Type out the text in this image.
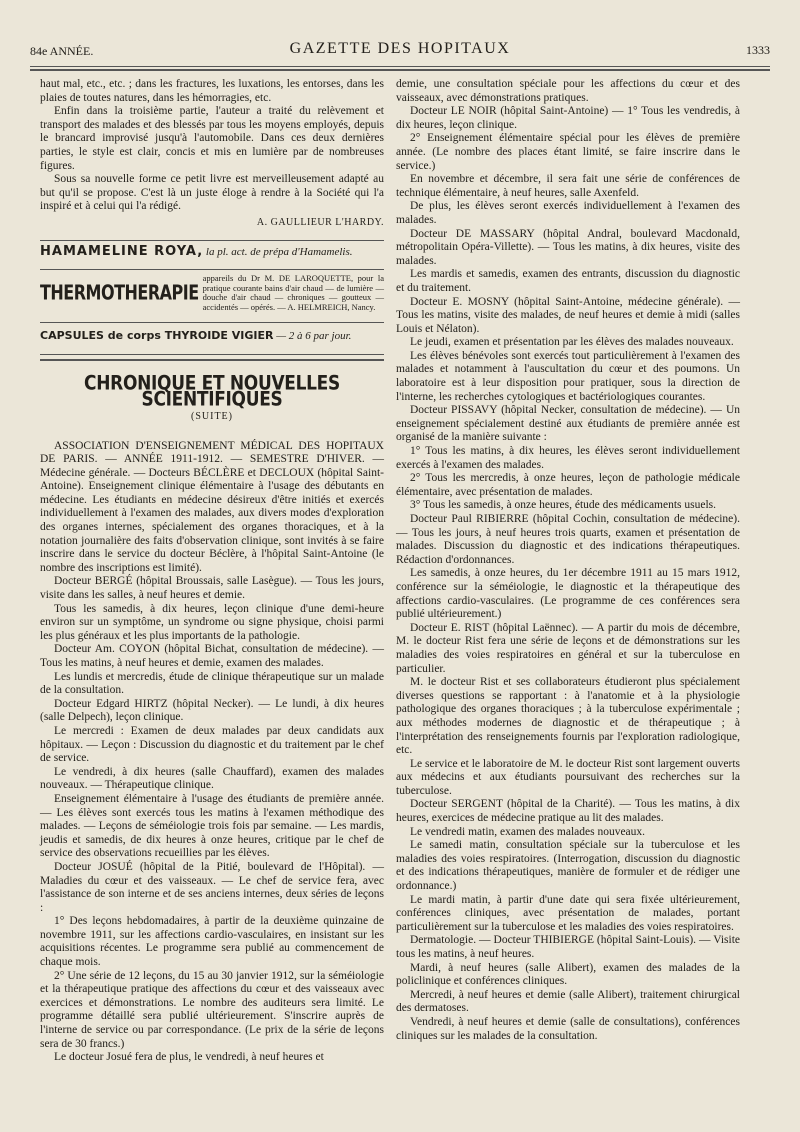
84e ANNÉE.	GAZETTE DES HOPITAUX	1333

haut mal, etc., etc. ; dans les fractures, les luxations, les entorses, dans les plaies de toutes natures, dans les hémorragies, etc.

Enfin dans la troisième partie, l'auteur a traité du relèvement et transport des malades et des blessés par tous les moyens employés, depuis le brancard improvisé jusqu'à l'automobile. Dans ces deux dernières parties, le style est clair, concis et mis en lumière par de nombreuses figures.

Sous sa nouvelle forme ce petit livre est merveilleusement adapté au but qu'il se propose. C'est là un juste éloge à rendre à la Société qui l'a inspiré et à celui qui l'a rédigé.

A. GAULLIEUR L'HARDY.
HAMAMELINE ROYA, la pl. act. de prépa d'Hamamelis.
THERMOTHERAPIE
appareils du Dr M. DE LAROQUETTE, pour la pratique courante bains d'air chaud — de lumière — douche d'air chaud — chroniques — goutteux — accidentés — opérés. — A. HELMREICH, Nancy.
CAPSULES de corps THYROIDE VIGIER — 2 à 6 par jour.
CHRONIQUE ET NOUVELLES SCIENTIFIQUES
(SUITE)

ASSOCIATION D'ENSEIGNEMENT MÉDICAL DES HOPITAUX DE PARIS. — ANNÉE 1911-1912. — SEMESTRE D'HIVER. — Médecine générale. — Docteurs BÉCLÈRE et DECLOUX (hôpital Saint-Antoine). Enseignement clinique élémentaire à l'usage des débutants en médecine. Les étudiants en médecine désireux d'être initiés et exercés individuellement à l'examen des malades, aux divers modes d'exploration des organes internes, spécialement des organes thoraciques, et à la notation journalière des faits d'observation clinique, sont invités à se faire inscrire dans le service du docteur Béclère, à l'hôpital Saint-Antoine (le nombre des inscriptions est limité).

Docteur BERGÉ (hôpital Broussais, salle Lasègue). — Tous les jours, visite dans les salles, à neuf heures et demie.

Tous les samedis, à dix heures, leçon clinique d'une demi-heure environ sur un symptôme, un syndrome ou signe physique, choisi parmi les plus généraux et les plus importants de la pathologie.

Docteur Am. COYON (hôpital Bichat, consultation de médecine). — Tous les matins, à neuf heures et demie, examen des malades.

Les lundis et mercredis, étude de clinique thérapeutique sur un malade de la consultation.

Docteur Edgard HIRTZ (hôpital Necker). — Le lundi, à dix heures (salle Delpech), leçon clinique.

Le mercredi : Examen de deux malades par deux candidats aux hôpitaux. — Leçon : Discussion du diagnostic et du traitement par le chef de service.

Le vendredi, à dix heures (salle Chauffard), examen des malades nouveaux. — Thérapeutique clinique.

Enseignement élémentaire à l'usage des étudiants de première année. — Les élèves sont exercés tous les matins à l'examen méthodique des malades. — Leçons de séméiologie trois fois par semaine. — Les mardis, jeudis et samedis, de dix heures à onze heures, critique par le chef de service des observations recueillies par les élèves.

Docteur JOSUÉ (hôpital de la Pitié, boulevard de l'Hôpital). — Maladies du cœur et des vaisseaux. — Le chef de service fera, avec l'assistance de son interne et de ses anciens internes, deux séries de leçons :

1° Des leçons hebdomadaires, à partir de la deuxième quinzaine de novembre 1911, sur les affections cardio-vasculaires, en insistant sur les acquisitions récentes. Le programme sera publié au commencement de chaque mois.

2° Une série de 12 leçons, du 15 au 30 janvier 1912, sur la séméiologie et la thérapeutique pratique des affections du cœur et des vaisseaux avec exercices et démonstrations. Le nombre des auditeurs sera limité. Le programme détaillé sera publié ultérieurement. S'inscrire auprès de l'interne de service ou par correspondance. (Le prix de la série de leçons sera de 30 francs.)

Le docteur Josué fera de plus, le vendredi, à neuf heures et

demie, une consultation spéciale pour les affections du cœur et des vaisseaux, avec démonstrations pratiques.

Docteur LE NOIR (hôpital Saint-Antoine) — 1° Tous les vendredis, à dix heures, leçon clinique.

2° Enseignement élémentaire spécial pour les élèves de première année. (Le nombre des places étant limité, se faire inscrire dans le service.)

En novembre et décembre, il sera fait une série de conférences de technique élémentaire, à neuf heures, salle Axenfeld.

De plus, les élèves seront exercés individuellement à l'examen des malades.

Docteur DE MASSARY (hôpital Andral, boulevard Macdonald, métropolitain Opéra-Villette). — Tous les matins, à dix heures, visite des malades.

Les mardis et samedis, examen des entrants, discussion du diagnostic et du traitement.

Docteur E. MOSNY (hôpital Saint-Antoine, médecine générale). — Tous les matins, visite des malades, de neuf heures et demie à midi (salles Louis et Nélaton).

Le jeudi, examen et présentation par les élèves des malades nouveaux.

Les élèves bénévoles sont exercés tout particulièrement à l'examen des malades et notamment à l'auscultation du cœur et des poumons. Un laboratoire est à leur disposition pour pratiquer, sous la direction de l'interne, les recherches cytologiques et bactériologiques courantes.

Docteur PISSAVY (hôpital Necker, consultation de médecine). — Un enseignement spécialement destiné aux étudiants de première année est organisé de la manière suivante :

1° Tous les matins, à dix heures, les élèves seront individuellement exercés à l'examen des malades.

2° Tous les mercredis, à onze heures, leçon de pathologie médicale élémentaire, avec présentation de malades.

3° Tous les samedis, à onze heures, étude des médicaments usuels.

Docteur Paul RIBIERRE (hôpital Cochin, consultation de médecine). — Tous les jours, à neuf heures trois quarts, examen et présentation de malades. Discussion du diagnostic et des indications thérapeutiques. Rédaction d'ordonnances.

Les samedis, à onze heures, du 1er décembre 1911 au 15 mars 1912, conférence sur la séméiologie, le diagnostic et la thérapeutique des affections cardio-vasculaires. (Le programme de ces conférences sera publié ultérieurement.)

Docteur E. RIST (hôpital Laënnec). — A partir du mois de décembre, M. le docteur Rist fera une série de leçons et de démonstrations sur les maladies des voies respiratoires en général et sur la tuberculose en particulier.

M. le docteur Rist et ses collaborateurs étudieront plus spécialement diverses questions se rapportant : à l'anatomie et à la physiologie pathologique des organes thoraciques ; à la tuberculose expérimentale ; aux méthodes modernes de diagnostic et de thérapeutique ; à l'interprétation des renseignements fournis par l'exploration radiologique, etc.

Le service et le laboratoire de M. le docteur Rist sont largement ouverts aux médecins et aux étudiants poursuivant des recherches sur la tuberculose.

Docteur SERGENT (hôpital de la Charité). — Tous les matins, à dix heures, exercices de médecine pratique au lit des malades.

Le vendredi matin, examen des malades nouveaux.

Le samedi matin, consultation spéciale sur la tuberculose et les maladies des voies respiratoires. (Interrogation, discussion du diagnostic et des indications thérapeutiques, manière de formuler et de rédiger une ordonnance.)

Le mardi matin, à partir d'une date qui sera fixée ultérieurement, conférences cliniques, avec présentation de malades, portant particulièrement sur la tuberculose et les maladies des voies respiratoires.

Dermatologie. — Docteur THIBIERGE (hôpital Saint-Louis). — Visite tous les matins, à neuf heures.

Mardi, à neuf heures (salle Alibert), examen des malades de la policlinique et conférences cliniques.

Mercredi, à neuf heures et demie (salle Alibert), traitement chirurgical des dermatoses.

Vendredi, à neuf heures et demie (salle de consultations), conférences cliniques sur les malades de la consultation.
